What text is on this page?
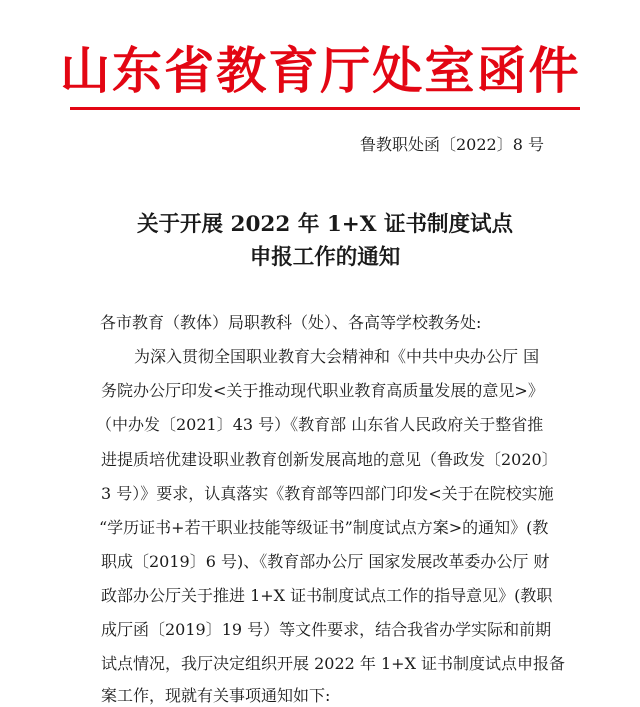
山东省教育厅处室函件
鲁教职处函〔2022〕8 号
关于开展 2022 年 1+X 证书制度试点
申报工作的通知
各市教育（教体）局职教科（处）、各高等学校教务处:
为深入贯彻全国职业教育大会精神和《中共中央办公厅 国
务院办公厅印发<关于推动现代职业教育高质量发展的意见>》
（中办发〔2021〕43 号）《教育部 山东省人民政府关于整省推
进提质培优建设职业教育创新发展高地的意见（鲁政发〔2020〕
3 号）》要求，认真落实《教育部等四部门印发<关于在院校实施
“学历证书+若干职业技能等级证书”制度试点方案>的通知》(教
职成〔2019〕6 号)、《教育部办公厅 国家发展改革委办公厅 财
政部办公厅关于推进 1+X 证书制度试点工作的指导意见》(教职
成厅函〔2019〕19 号）等文件要求，结合我省办学实际和前期
试点情况，我厅决定组织开展 2022 年 1+X 证书制度试点申报备
案工作，现就有关事项通知如下:
